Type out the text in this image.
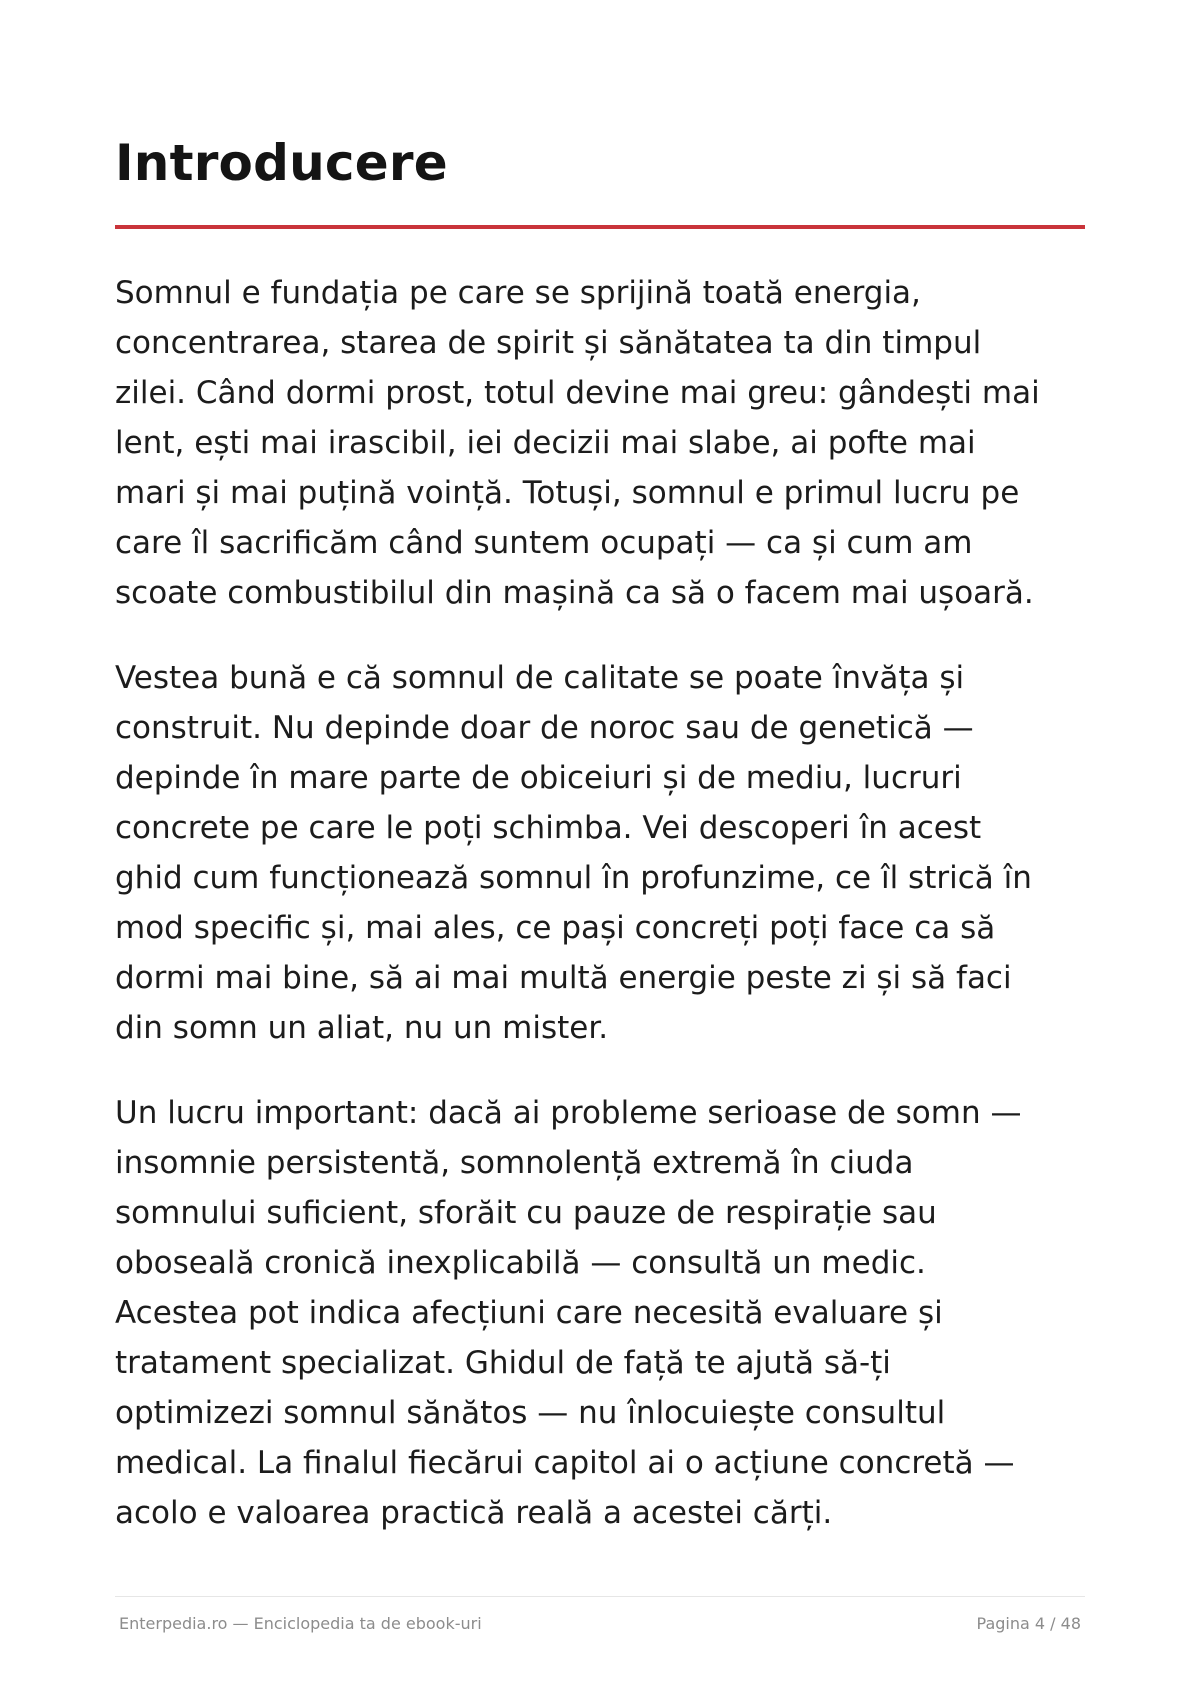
Introducere

Somnul e fundația pe care se sprijină toată energia,
concentrarea, starea de spirit și sănătatea ta din timpul
zilei. Când dormi prost, totul devine mai greu: gândești mai
lent, ești mai irascibil, iei decizii mai slabe, ai pofte mai
mari și mai puțină voință. Totuși, somnul e primul lucru pe
care îl sacrificăm când suntem ocupați — ca și cum am
scoate combustibilul din mașină ca să o facem mai ușoară.

Vestea bună e că somnul de calitate se poate învăța și
construit. Nu depinde doar de noroc sau de genetică —
depinde în mare parte de obiceiuri și de mediu, lucruri
concrete pe care le poți schimba. Vei descoperi în acest
ghid cum funcționează somnul în profunzime, ce îl strică în
mod specific și, mai ales, ce pași concreți poți face ca să
dormi mai bine, să ai mai multă energie peste zi și să faci
din somn un aliat, nu un mister.

Un lucru important: dacă ai probleme serioase de somn —
insomnie persistentă, somnolență extremă în ciuda
somnului suficient, sforăit cu pauze de respirație sau
oboseală cronică inexplicabilă — consultă un medic.
Acestea pot indica afecțiuni care necesită evaluare și
tratament specializat. Ghidul de față te ajută să-ți
optimizezi somnul sănătos — nu înlocuiește consultul
medical. La finalul fiecărui capitol ai o acțiune concretă —
acolo e valoarea practică reală a acestei cărți.

Enterpedia.ro — Enciclopedia ta de ebook-uri	Pagina 4 / 48
